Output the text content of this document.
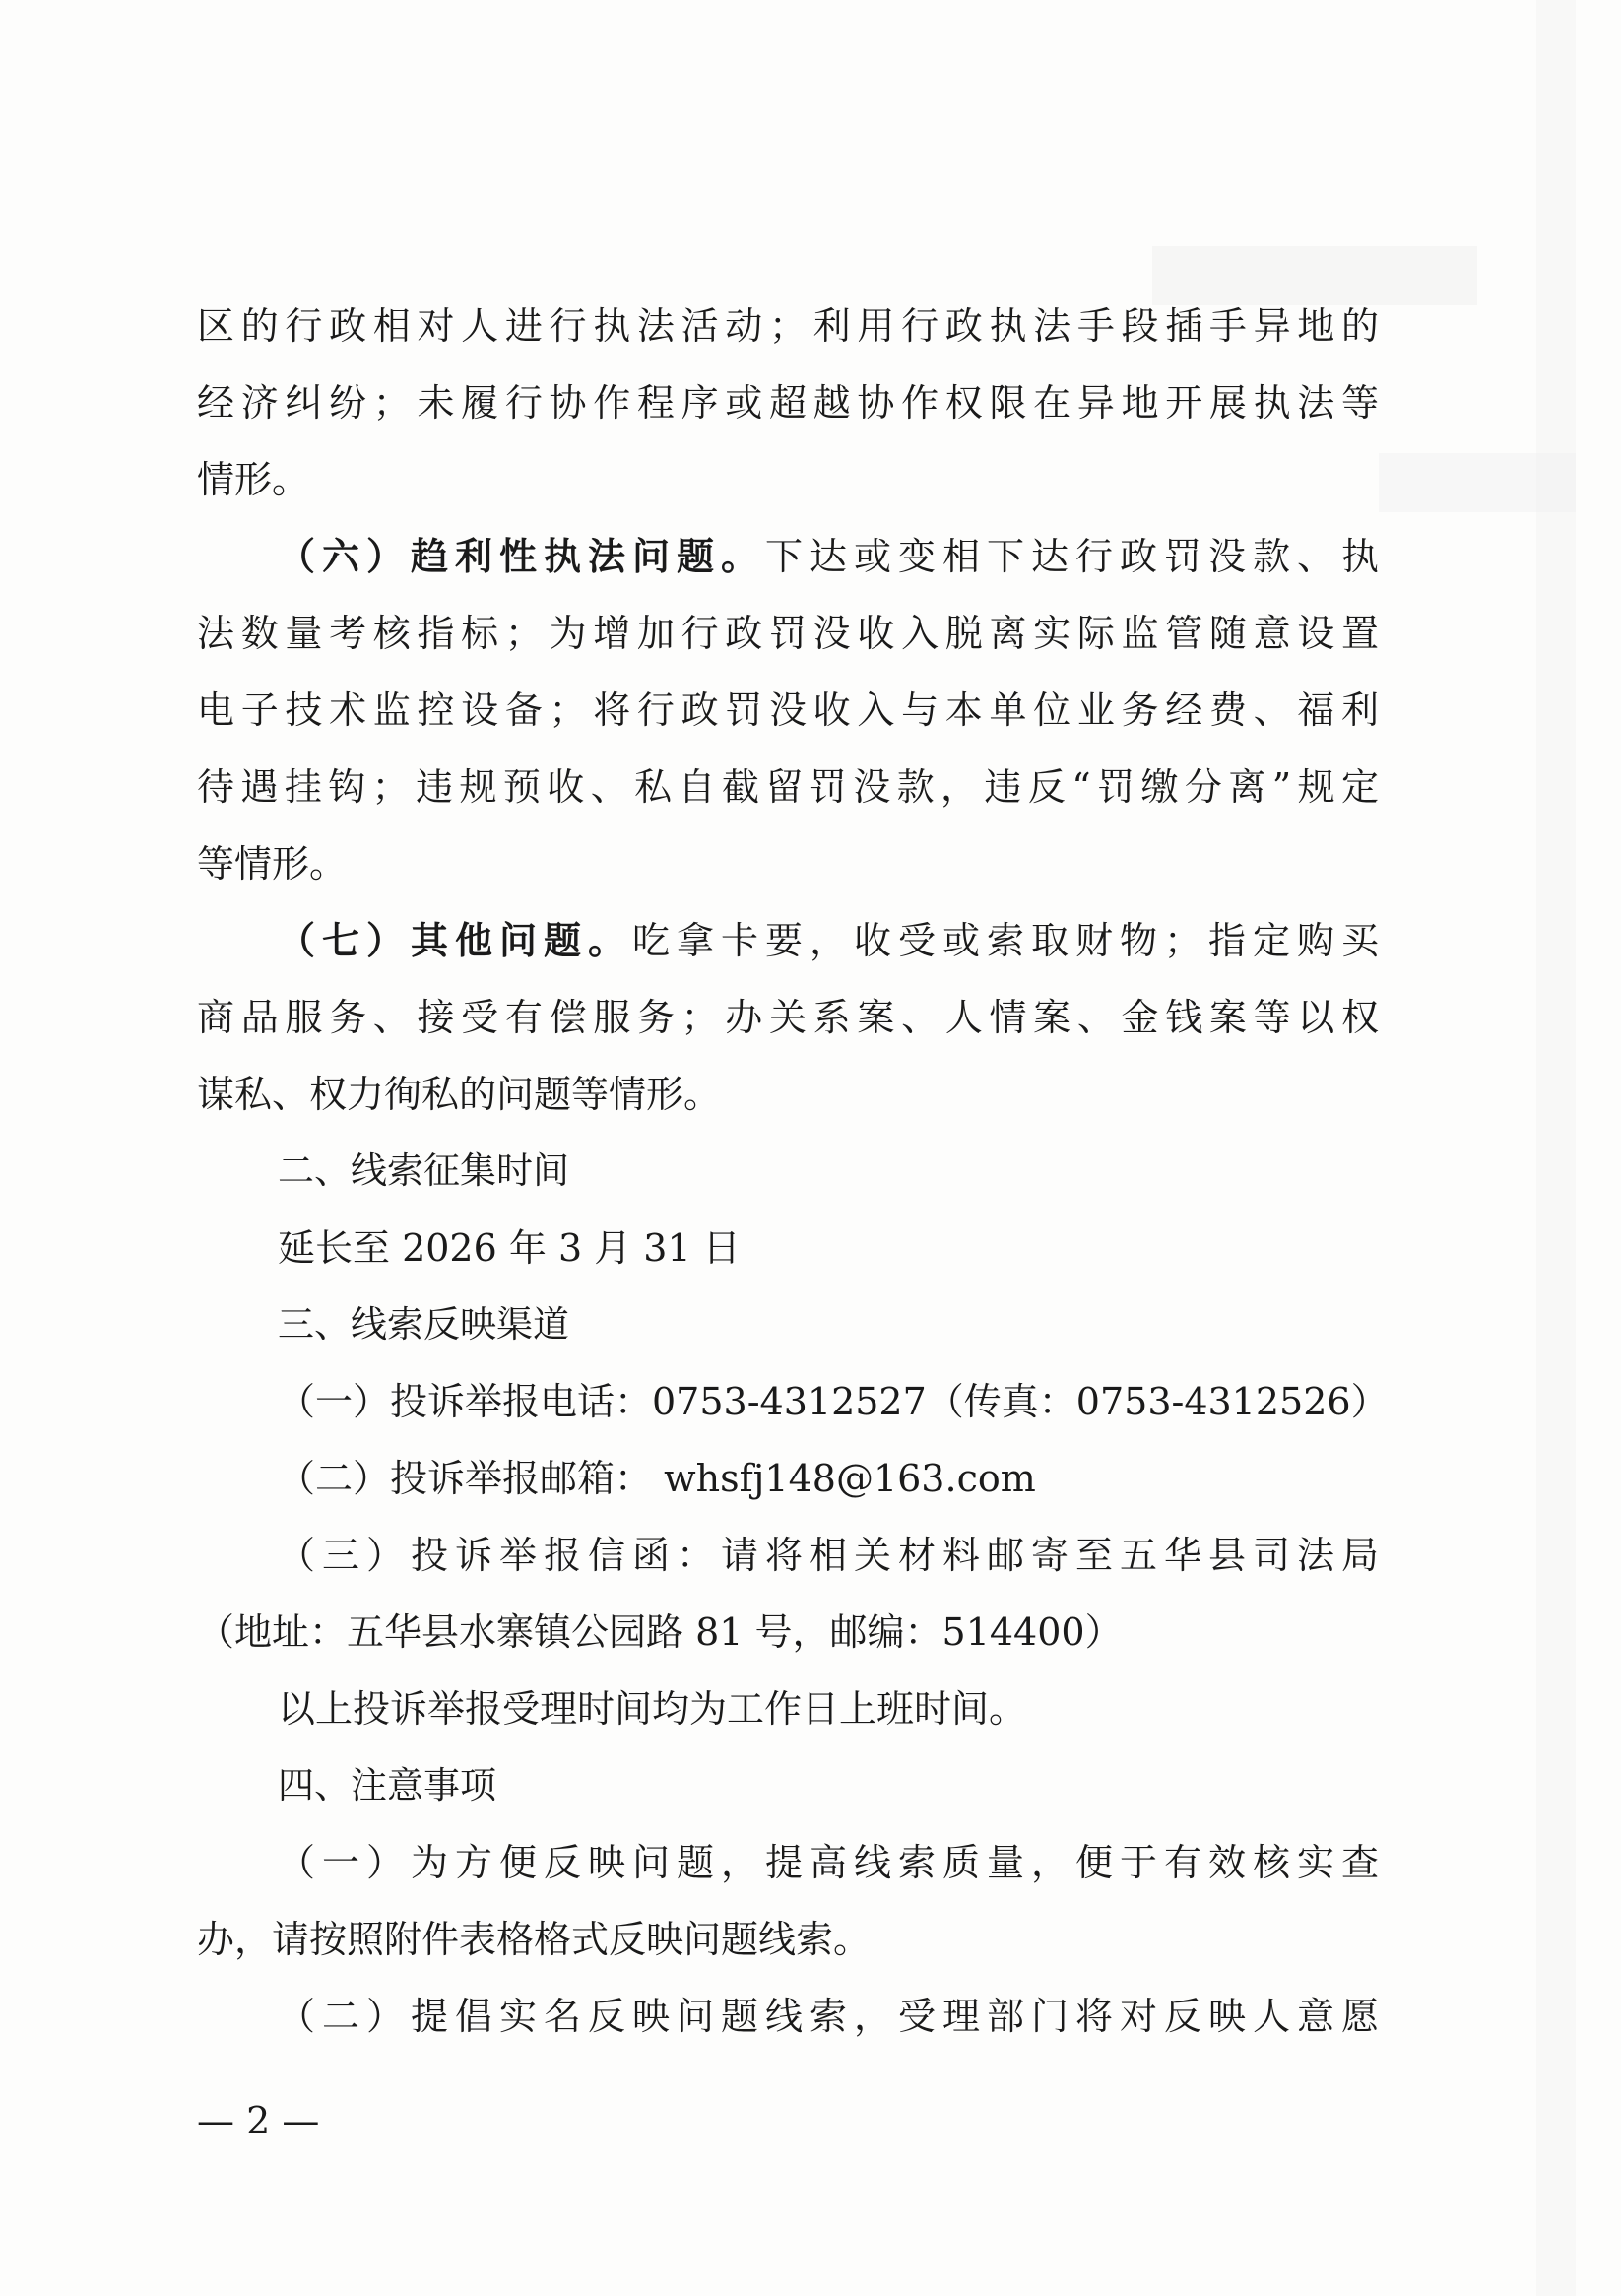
区的行政相对人进行执法活动；利用行政执法手段插手异地的
经济纠纷；未履行协作程序或超越协作权限在异地开展执法等
情形。
（六）趋利性执法问题。下达或变相下达行政罚没款、执
法数量考核指标；为增加行政罚没收入脱离实际监管随意设置
电子技术监控设备；将行政罚没收入与本单位业务经费、福利
待遇挂钩；违规预收、私自截留罚没款，违反“罚缴分离”规定
等情形。
（七）其他问题。吃拿卡要，收受或索取财物；指定购买
商品服务、接受有偿服务；办关系案、人情案、金钱案等以权
谋私、权力徇私的问题等情形。
二、线索征集时间
延长至 2026 年 3 月 31 日
三、线索反映渠道
（一）投诉举报电话：0753-4312527（传真：0753-4312526）
（二）投诉举报邮箱： whsfj148@163.com
（三）投诉举报信函：请将相关材料邮寄至五华县司法局
（地址：五华县水寨镇公园路 81 号，邮编：514400）
以上投诉举报受理时间均为工作日上班时间。
四、注意事项
（一）为方便反映问题，提高线索质量，便于有效核实查
办，请按照附件表格格式反映问题线索。
（二）提倡实名反映问题线索，受理部门将对反映人意愿
— 2 —
